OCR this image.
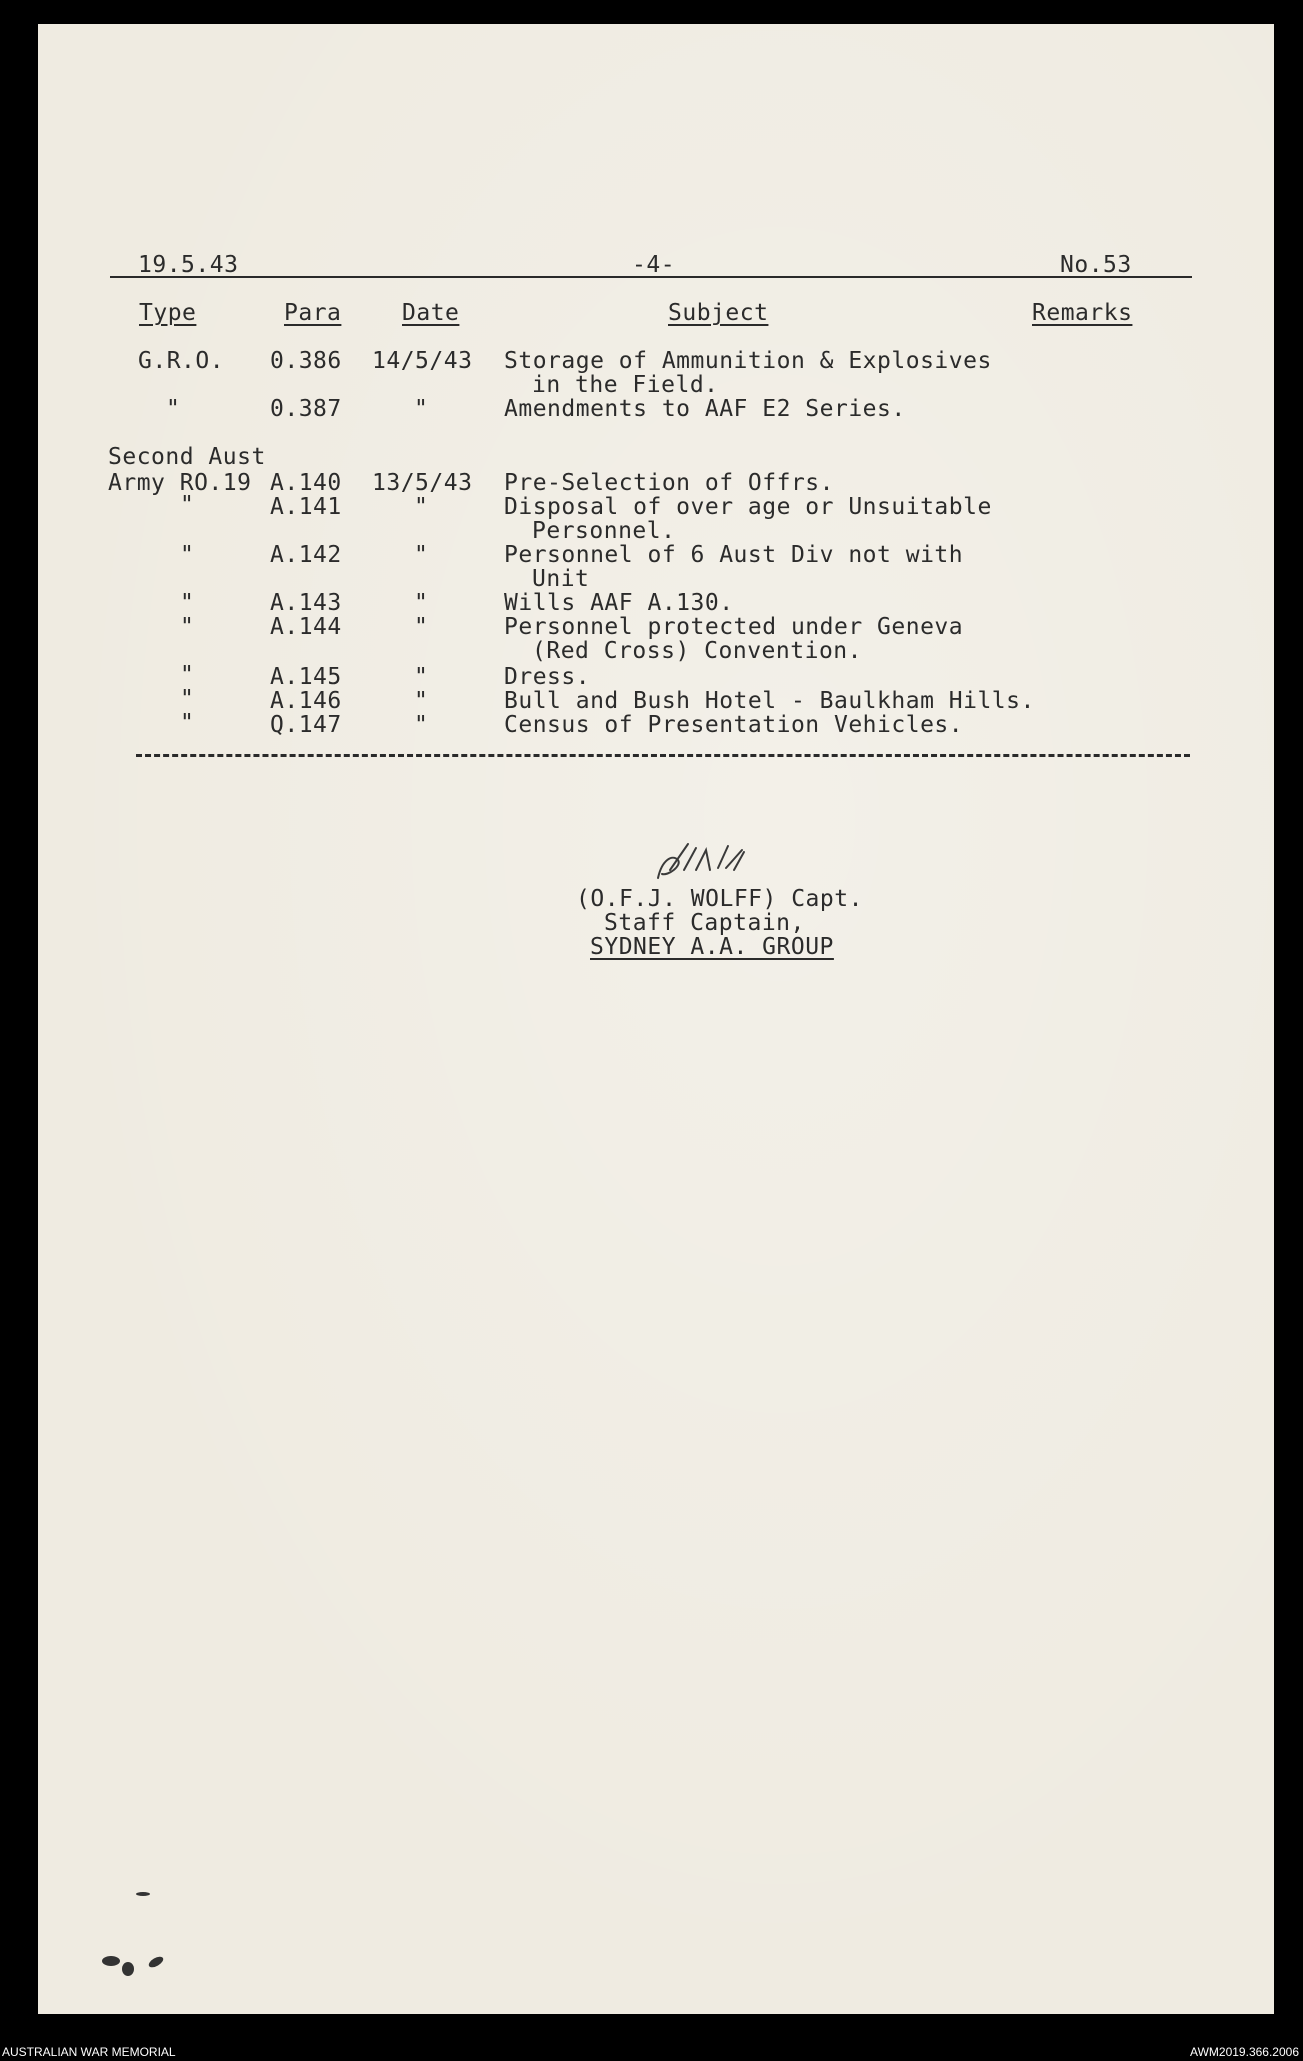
19.5.43	-4-	No.53
Type	Para	Date	Subject	Remarks
G.R.O. 0.386 14/5/43 Storage of Ammunition & Explosives
in the Field.
"	0.387	"	Amendments to AAF E2 Series.
Second Aust
Army RO.19 A.140 13/5/43 Pre-Selection of Offrs.
"	A.141	"	Disposal of over age or Unsuitable
Personnel.
"	A.142	"	Personnel of 6 Aust Div not with
Unit
"	A.143	"	Wills AAF A.130.
"	A.144	"	Personnel protected under Geneva
(Red Cross) Convention.
"	A.145	"	Dress.
"	A.146	"	Bull and Bush Hotel - Baulkham Hills.
"	Q.147	"	Census of Presentation Vehicles.
(O.F.J. WOLFF) Capt.
Staff Captain,
SYDNEY A.A. GROUP
AUSTRALIAN WAR MEMORIAL	AWM2019.366.2006
